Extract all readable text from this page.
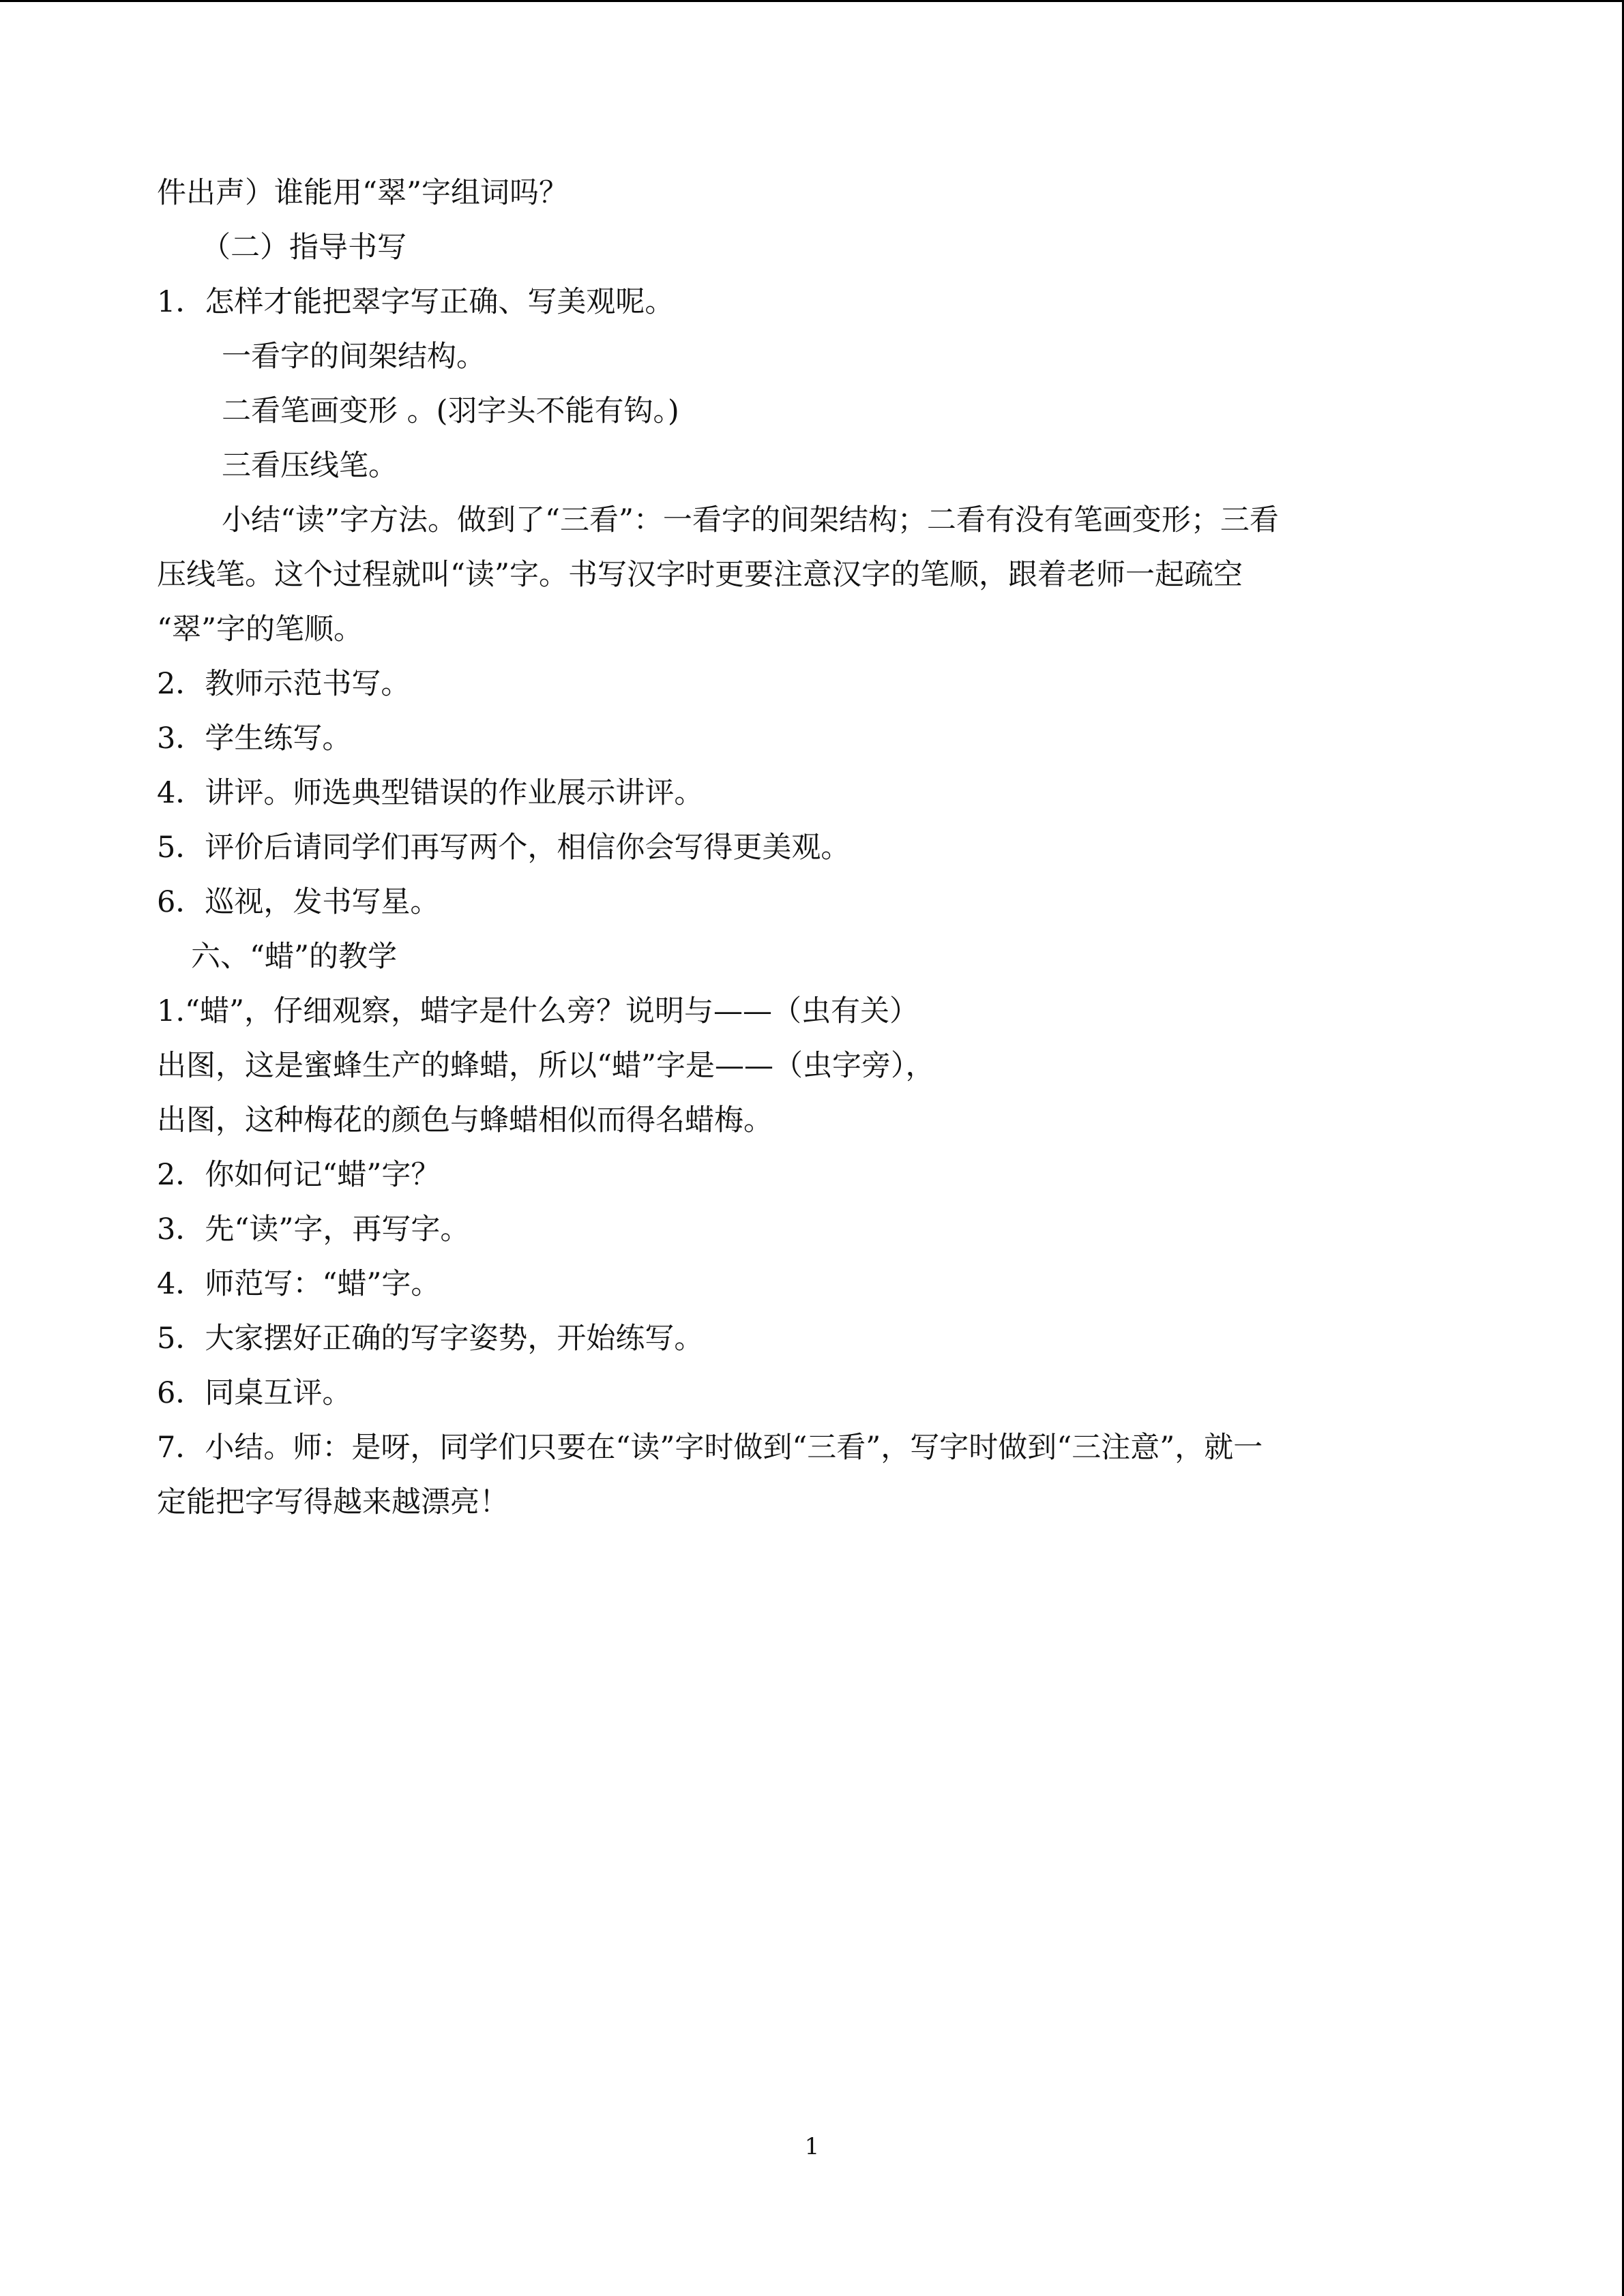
件出声）谁能用“翠”字组词吗？
（二）指导书写
1．怎样才能把翠字写正确、写美观呢。
一看字的间架结构。
二看笔画变形 。(羽字头不能有钩。)
三看压线笔。
小结“读”字方法。做到了“三看”：一看字的间架结构；二看有没有笔画变形；三看
压线笔。这个过程就叫“读”字。书写汉字时更要注意汉字的笔顺，跟着老师一起疏空
“翠”字的笔顺。
2．教师示范书写。
3．学生练写。
4．讲评。师选典型错误的作业展示讲评。
5．评价后请同学们再写两个，相信你会写得更美观。
6．巡视，发书写星。
六、“蜡”的教学
1.“蜡”，仔细观察，蜡字是什么旁？说明与——（虫有关）
出图，这是蜜蜂生产的蜂蜡，所以“蜡”字是——（虫字旁），
出图，这种梅花的颜色与蜂蜡相似而得名蜡梅。
2．你如何记“蜡”字？
3．先“读”字，再写字。
4．师范写：“蜡”字。
5．大家摆好正确的写字姿势，开始练写。
6．同桌互评。
7．小结。师：是呀，同学们只要在“读”字时做到“三看”，写字时做到“三注意”，就一
定能把字写得越来越漂亮！
1
